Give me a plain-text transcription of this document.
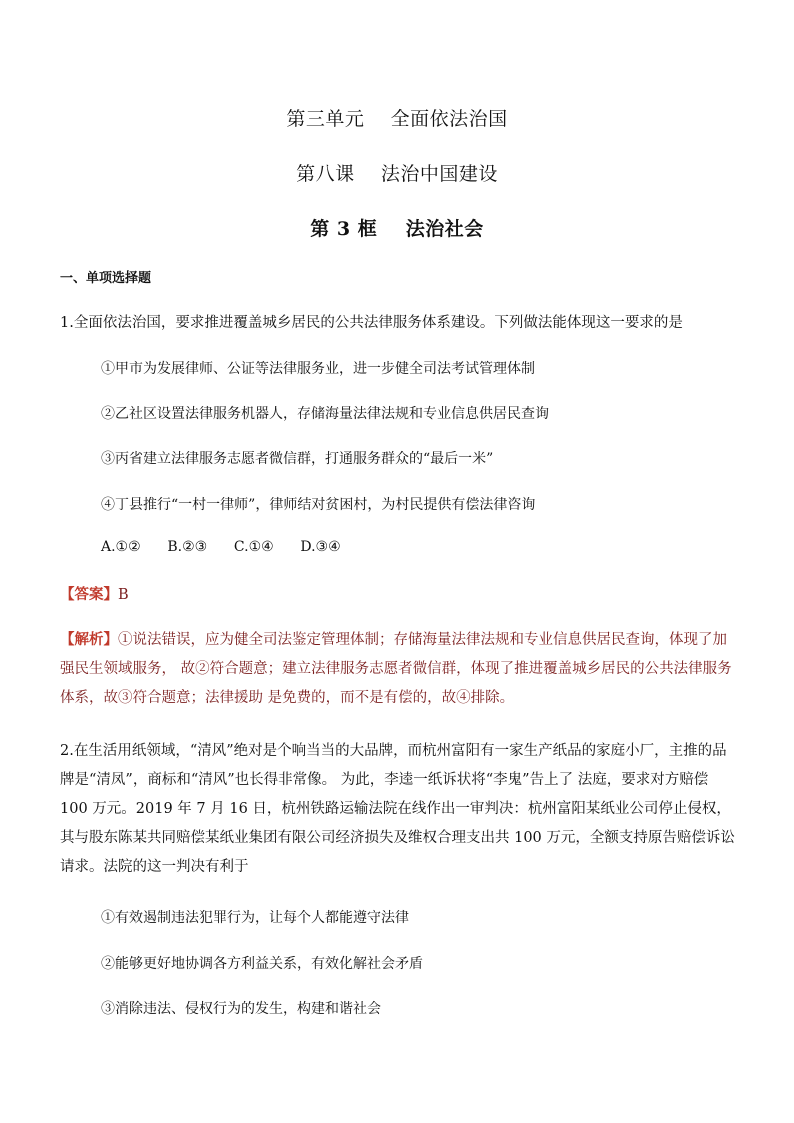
第三单元    全面依法治国
第八课    法治中国建设
第 3 框    法治社会
一、单项选择题
1.全面依法治国，要求推进覆盖城乡居民的公共法律服务体系建设。下列做法能体现这一要求的是
①甲市为发展律师、公证等法律服务业，进一步健全司法考试管理体制
②乙社区设置法律服务机器人，存储海量法律法规和专业信息供居民查询
③丙省建立法律服务志愿者微信群，打通服务群众的“最后一米”
④丁县推行“一村一律师”，律师结对贫困村，为村民提供有偿法律咨询
A.①②      B.②③      C.①④      D.③④
【答案】B
【解析】①说法错误，应为健全司法鉴定管理体制；存储海量法律法规和专业信息供居民查询，体现了加强民生领域服务， 故②符合题意；建立法律服务志愿者微信群，体现了推进覆盖城乡居民的公共法律服务体系，故③符合题意；法律援助 是免费的，而不是有偿的，故④排除。
2.在生活用纸领域，“清风”绝对是个响当当的大品牌，而杭州富阳有一家生产纸品的家庭小厂，主推的品牌是“清凤”，商标和“清风”也长得非常像。 为此，李逵一纸诉状将“李鬼”告上了 法庭，要求对方赔偿 100 万元。2019 年 7 月 16 日，杭州铁路运输法院在线作出一审判决：杭州富阳某纸业公司停止侵权，其与股东陈某共同赔偿某纸业集团有限公司经济损失及维权合理支出共 100 万元，全额支持原告赔偿诉讼请求。法院的这一判决有利于
①有效遏制违法犯罪行为，让每个人都能遵守法律
②能够更好地协调各方利益关系，有效化解社会矛盾
③消除违法、侵权行为的发生，构建和谐社会
